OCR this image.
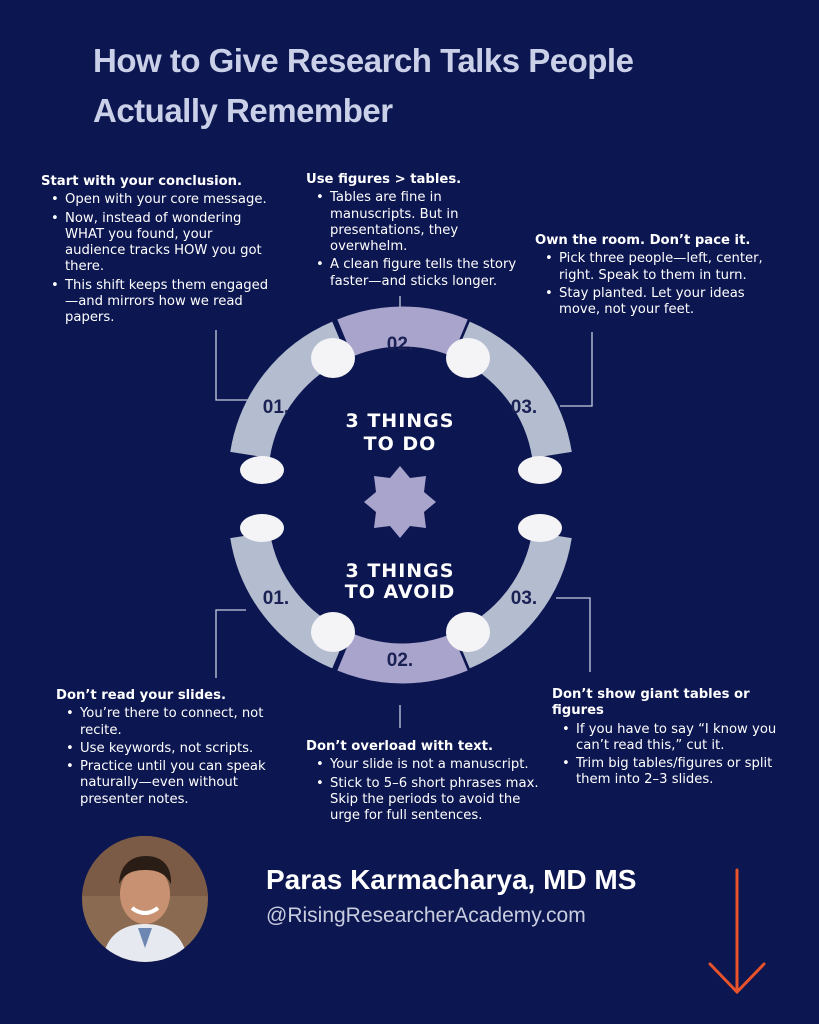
How to Give Research Talks People
Actually Remember
01.
02.
03.
01.
02.
03.
3 THINGS
TO DO
3 THINGS
TO AVOID

Start with your conclusion.

• Open with your core message.
• Now, instead of wondering WHAT you found, your audience tracks HOW you got there.
• This shift keeps them engaged—and mirrors how we read papers.

Use figures > tables.

• Tables are fine in manuscripts. But in presentations, they overwhelm.
• A clean figure tells the story faster—and sticks longer.

Own the room. Don’t pace it.

• Pick three people—left, center, right. Speak to them in turn.
• Stay planted. Let your ideas move, not your feet.

Don’t read your slides.

• You’re there to connect, not recite.
• Use keywords, not scripts.
• Practice until you can speak naturally—even without presenter notes.

Don’t overload with text.

• Your slide is not a manuscript.
• Stick to 5–6 short phrases max. Skip the periods to avoid the urge for full sentences.

Don’t show giant tables or figures

• If you have to say “I know you can’t read this,” cut it.
• Trim big tables/figures or split them into 2–3 slides.
Paras Karmacharya, MD MS
@RisingResearcherAcademy.com
